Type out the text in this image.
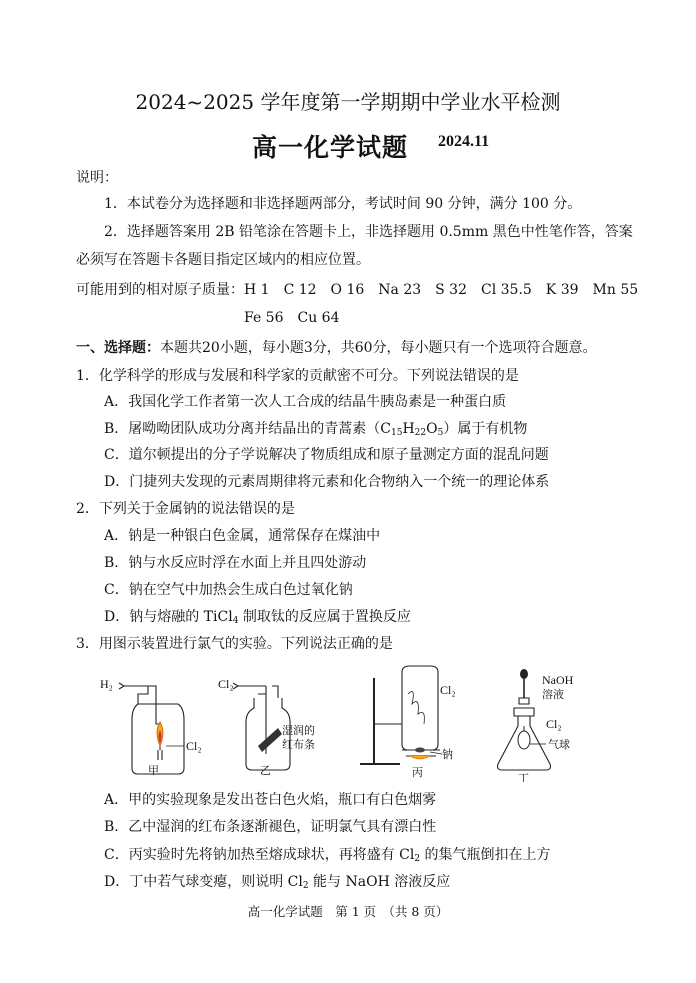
2024~2025 学年度第一学期期中学业水平检测
高一化学试题 2024.11
说明：
1．本试卷分为选择题和非选择题两部分，考试时间 90 分钟，满分 100 分。
2．选择题答案用 2B 铅笔涂在答题卡上，非选择题用 0.5mm 黑色中性笔作答，答案
必须写在答题卡各题目指定区域内的相应位置。
可能用到的相对原子质量：H 1　C 12　O 16　Na 23　S 32　Cl 35.5　K 39　Mn 55
Fe 56　Cu 64
一、选择题：本题共20小题，每小题3分，共60分，每小题只有一个选项符合题意。
1．化学科学的形成与发展和科学家的贡献密不可分。下列说法错误的是
A．我国化学工作者第一次人工合成的结晶牛胰岛素是一种蛋白质
B．屠呦呦团队成功分离并结晶出的青蒿素$(C_{15}H_{22}O_5)$属于有机物
C．道尔顿提出的分子学说解决了物质组成和原子量测定方面的混乱问题
D．门捷列夫发现的元素周期律将元素和化合物纳入一个统一的理论体系
2．下列关于金属钠的说法错误的是
A．钠是一种银白色金属，通常保存在煤油中
B．钠与水反应时浮在水面上并且四处游动
C．钠在空气中加热会生成白色过氧化钠
D．钠与熔融的 TiCl$_4$ 制取钛的反应属于置换反应
3．用图示装置进行氯气的实验。下列说法正确的是
H₂
Cl₂
甲
Cl₂
湿润的
红布条
乙
Cl₂
钠
丙
NaOH
溶液
Cl₂
气球
丁
A．甲的实验现象是发出苍白色火焰，瓶口有白色烟雾
B．乙中湿润的红布条逐渐褪色，证明氯气具有漂白性
C．丙实验时先将钠加热至熔成球状，再将盛有 $Cl_2$ 的集气瓶倒扣在上方
D．丁中若气球变瘪，则说明 $Cl_2$ 能与 NaOH 溶液反应
高一化学试题　第 1 页　（共 8 页）
